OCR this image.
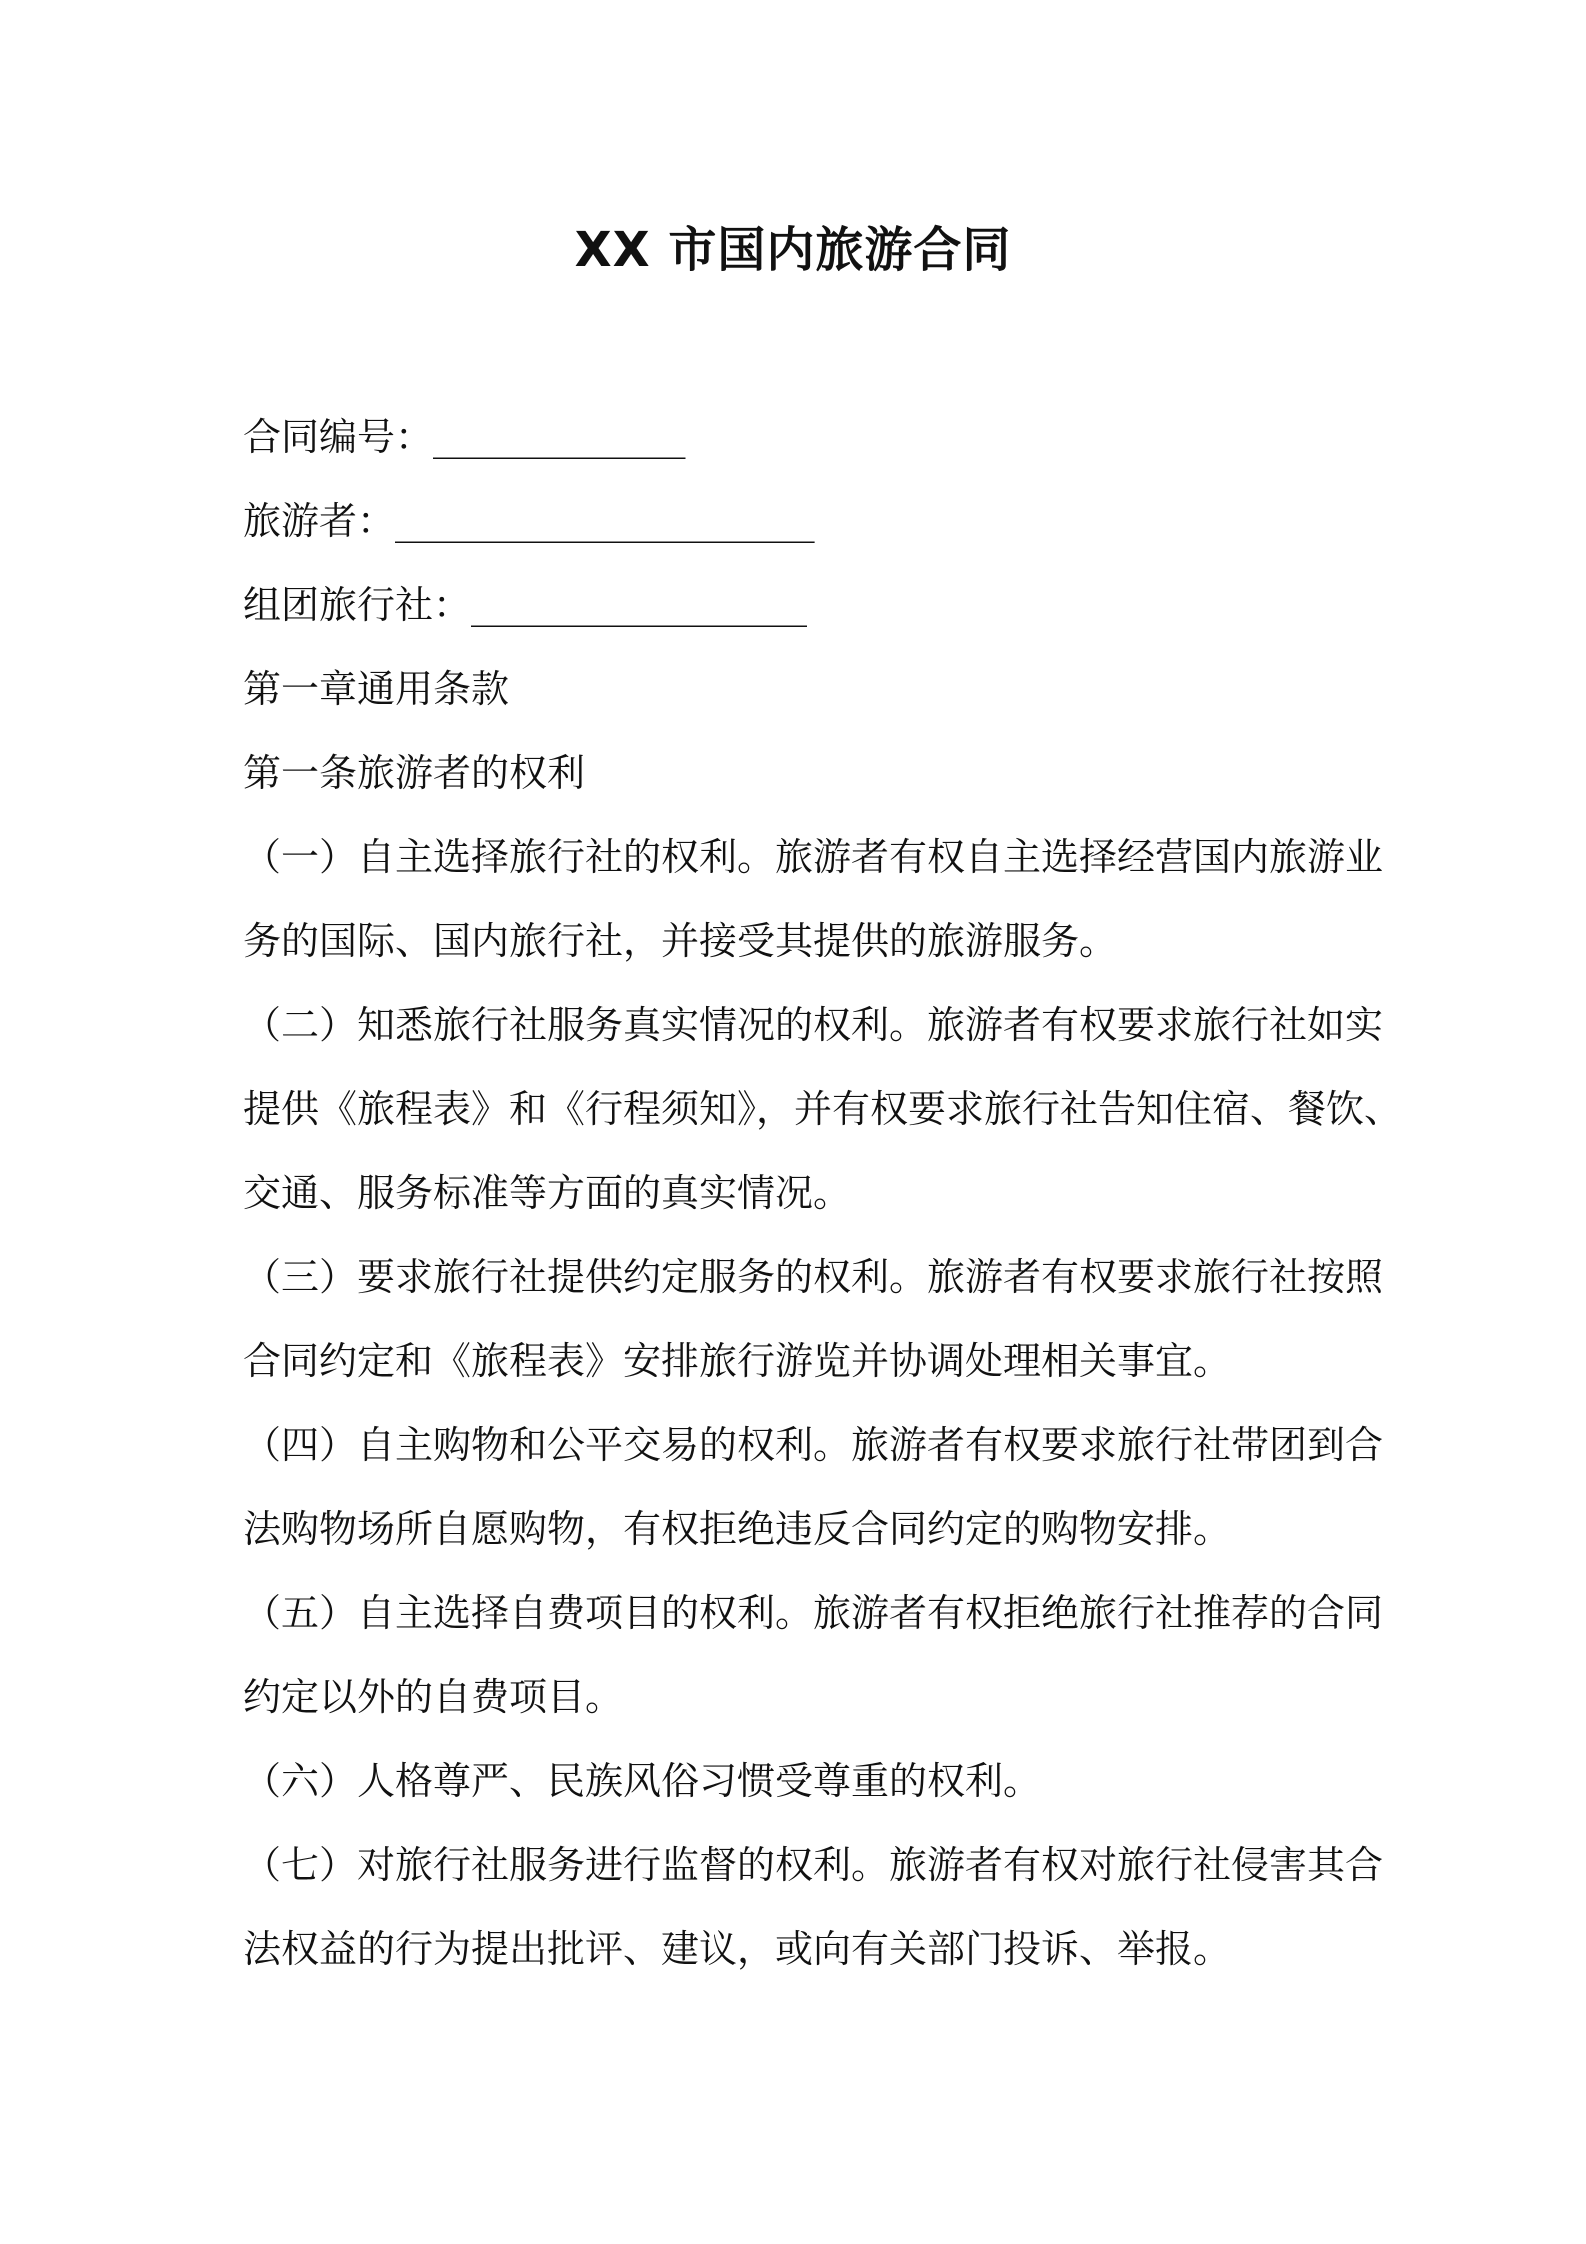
XX 市国内旅游合同
合同编号：____________
旅游者：____________________
组团旅行社：________________
第一章通用条款
第一条旅游者的权利
（一）自主选择旅行社的权利。旅游者有权自主选择经营国内旅游业
务的国际、国内旅行社，并接受其提供的旅游服务。
（二）知悉旅行社服务真实情况的权利。旅游者有权要求旅行社如实
提供《旅程表》和《行程须知》，并有权要求旅行社告知住宿、餐饮、
交通、服务标准等方面的真实情况。
（三）要求旅行社提供约定服务的权利。旅游者有权要求旅行社按照
合同约定和《旅程表》安排旅行游览并协调处理相关事宜。
（四）自主购物和公平交易的权利。旅游者有权要求旅行社带团到合
法购物场所自愿购物，有权拒绝违反合同约定的购物安排。
（五）自主选择自费项目的权利。旅游者有权拒绝旅行社推荐的合同
约定以外的自费项目。
（六）人格尊严、民族风俗习惯受尊重的权利。
（七）对旅行社服务进行监督的权利。旅游者有权对旅行社侵害其合
法权益的行为提出批评、建议，或向有关部门投诉、举报。
